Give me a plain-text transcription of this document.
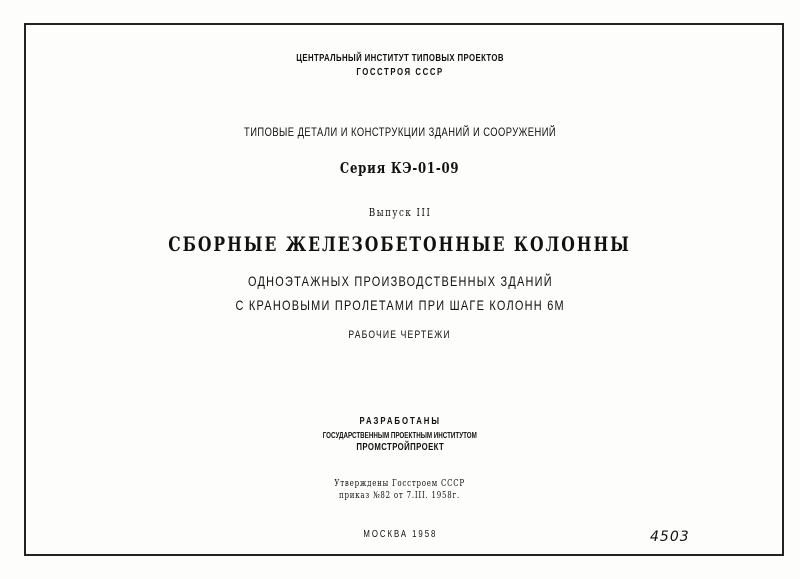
ЦЕНТРАЛЬНЫЙ ИНСТИТУТ ТИПОВЫХ ПРОЕКТОВ
ГОССТРОЯ СССР
ТИПОВЫЕ ДЕТАЛИ И КОНСТРУКЦИИ ЗДАНИЙ И СООРУЖЕНИЙ
Серия КЭ-01-09
Выпуск III
СБОРНЫЕ ЖЕЛЕЗОБЕТОННЫЕ КОЛОННЫ
ОДНОЭТАЖНЫХ ПРОИЗВОДСТВЕННЫХ ЗДАНИЙ
С КРАНОВЫМИ ПРОЛЕТАМИ ПРИ ШАГЕ КОЛОНН 6М
РАБОЧИЕ ЧЕРТЕЖИ
РАЗРАБОТАНЫ
ГОСУДАРСТВЕННЫМ ПРОЕКТНЫМ ИНСТИТУТОМ
ПРОМСТРОЙПРОЕКТ
Утверждены Госстроем СССР
приказ №82 от 7.III. 1958г.
МОСКВА 1958	4503
